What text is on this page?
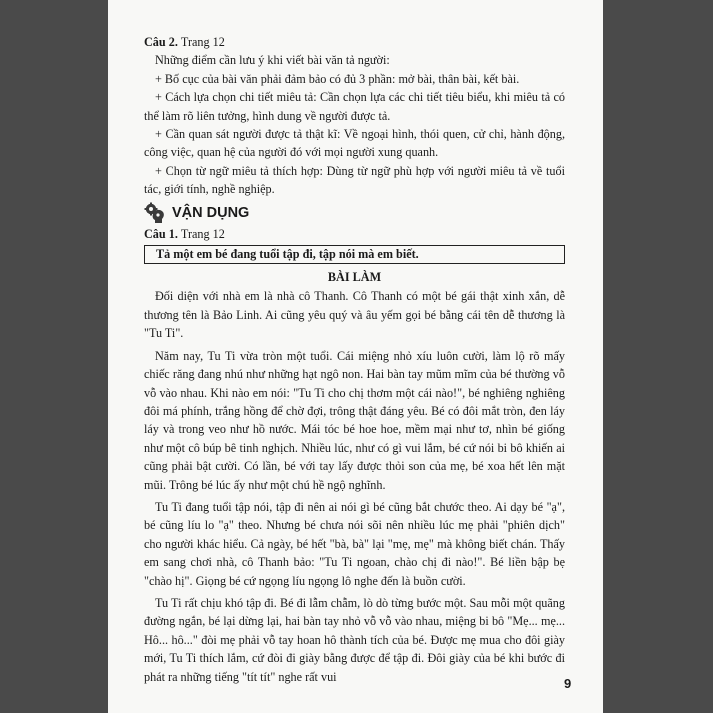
Câu 2. Trang 12

Những điểm cần lưu ý khi viết bài văn tả người:

+ Bố cục của bài văn phải đảm bảo có đủ 3 phần: mở bài, thân bài, kết bài.

+ Cách lựa chọn chi tiết miêu tả: Cần chọn lựa các chi tiết tiêu biểu, khi miêu tả có thể làm rõ liên tưởng, hình dung về người được tả.

+ Cần quan sát người được tả thật kĩ: Về ngoại hình, thói quen, cử chỉ, hành động, công việc, quan hệ của người đó với mọi người xung quanh.

+ Chọn từ ngữ miêu tả thích hợp: Dùng từ ngữ phù hợp với người miêu tả về tuổi tác, giới tính, nghề nghiệp.

VẬN DỤNG

Câu 1. Trang 12

Tả một em bé đang tuổi tập đi, tập nói mà em biết.

BÀI LÀM

Đối diện với nhà em là nhà cô Thanh. Cô Thanh có một bé gái thật xinh xắn, dễ thương tên là Bảo Linh. Ai cũng yêu quý và âu yếm gọi bé bằng cái tên dễ thương là "Tu Ti".

Năm nay, Tu Ti vừa tròn một tuổi. Cái miệng nhỏ xíu luôn cười, làm lộ rõ mấy chiếc răng đang nhú như những hạt ngô non. Hai bàn tay mũm mĩm của bé thường vỗ vỗ vào nhau. Khi nào em nói: "Tu Ti cho chị thơm một cái nào!", bé nghiêng nghiêng đôi má phính, trắng hồng để chờ đợi, trông thật đáng yêu. Bé có đôi mắt tròn, đen láy láy và trong veo như hồ nước. Mái tóc bé hoe hoe, mềm mại như tơ, nhìn bé giống như một cô búp bê tinh nghịch. Nhiều lúc, như có gì vui lắm, bé cứ nói bi bô khiến ai cũng phải bật cười. Có lần, bé với tay lấy được thỏi son của mẹ, bé xoa hết lên mặt mũi. Trông bé lúc ấy như một chú hề ngộ nghĩnh.

Tu Ti đang tuổi tập nói, tập đi nên ai nói gì bé cũng bắt chước theo. Ai dạy bé "ạ", bé cũng líu lo "ạ" theo. Nhưng bé chưa nói sõi nên nhiều lúc mẹ phải "phiên dịch" cho người khác hiểu. Cả ngày, bé hết "bà, bà" lại "mẹ, mẹ" mà không biết chán. Thấy em sang chơi nhà, cô Thanh bảo: "Tu Ti ngoan, chào chị đi nào!". Bé liền bập bẹ "chào hị". Giọng bé cứ ngọng líu ngọng lô nghe đến là buồn cười.

Tu Ti rất chịu khó tập đi. Bé đi lẫm chẫm, lò dò từng bước một. Sau mỗi một quãng đường ngắn, bé lại dừng lại, hai bàn tay nhỏ vỗ vỗ vào nhau, miệng bi bô "Mẹ... mẹ... Hô... hô..." đòi mẹ phải vỗ tay hoan hô thành tích của bé. Được mẹ mua cho đôi giày mới, Tu Ti thích lắm, cứ đòi đi giày bằng được để tập đi. Đôi giày của bé khi bước đi phát ra những tiếng "tít tít" nghe rất vui	9
